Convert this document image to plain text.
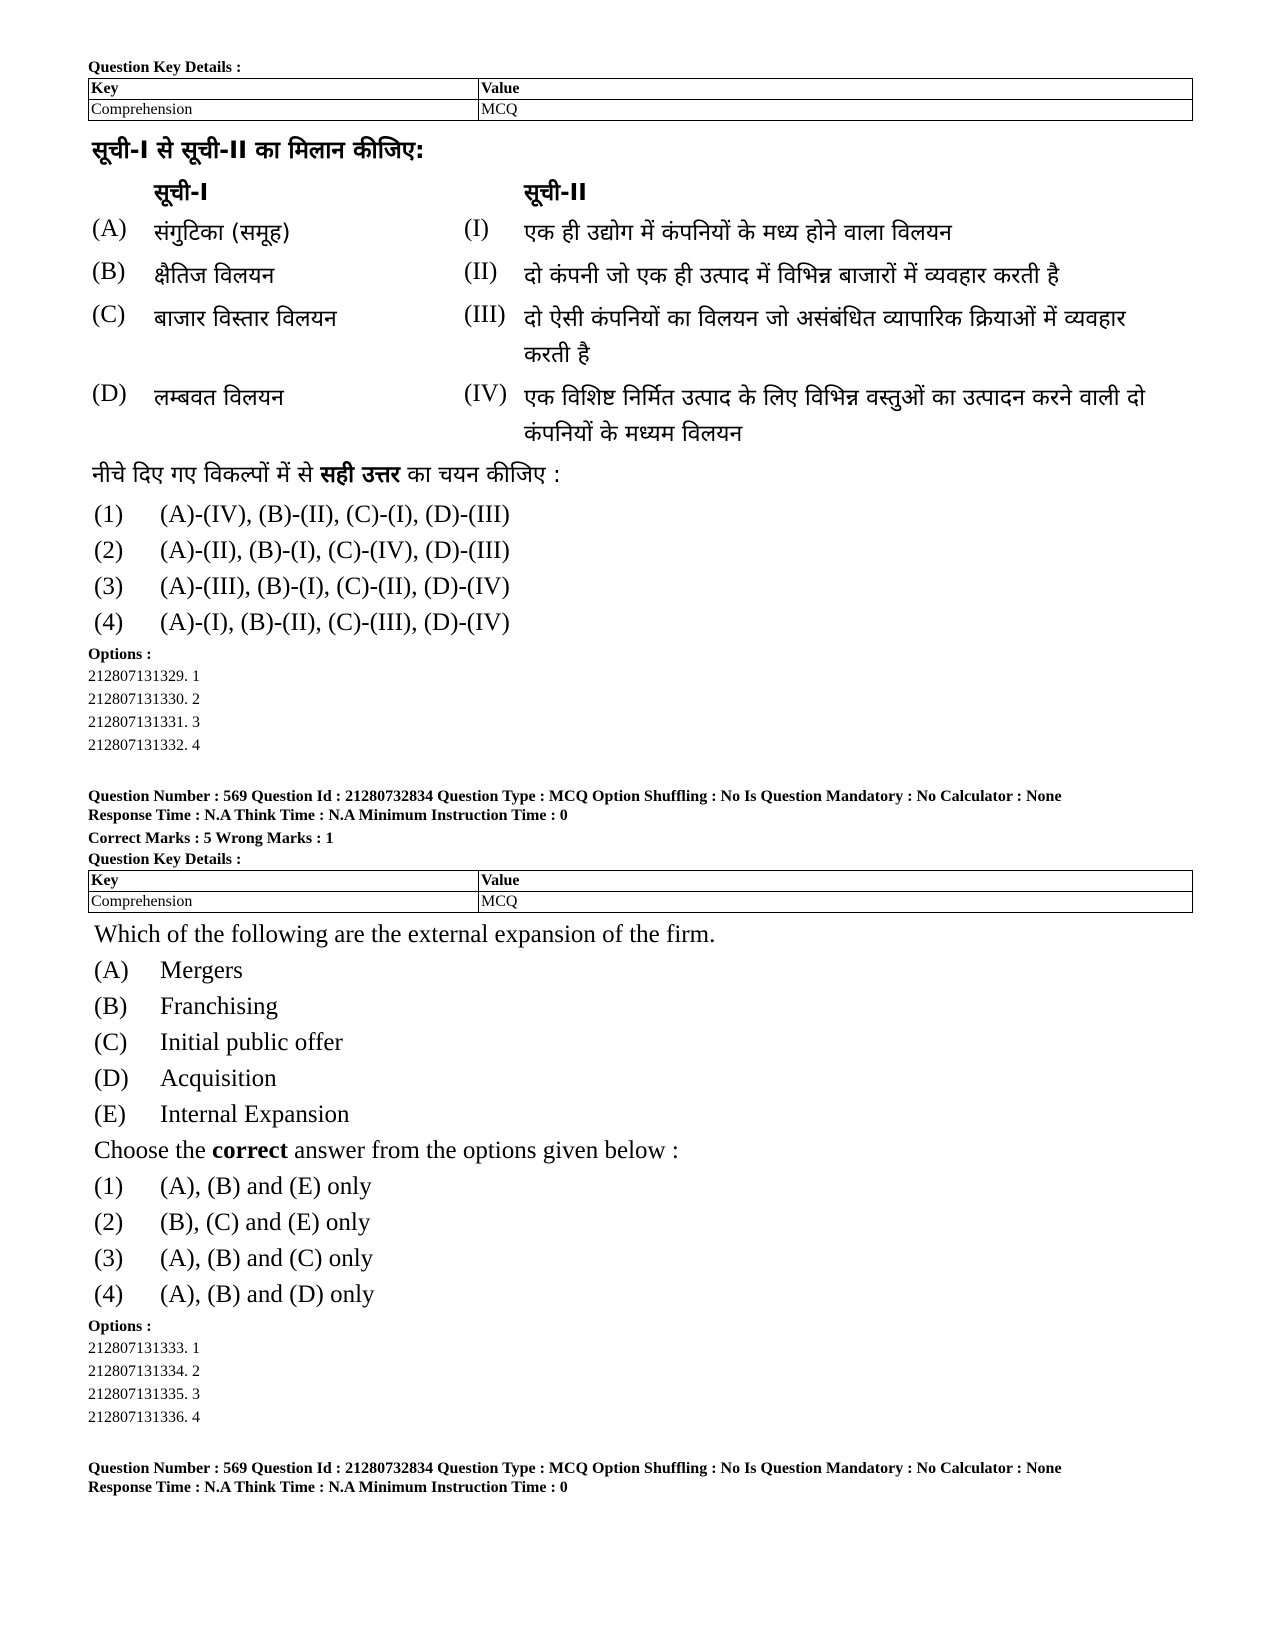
Question Key Details :
Key	Value
Comprehension	MCQ
सूची-I से सूची-II का मिलान कीजिए:
सूची-I	सूची-II
(A) संगुटिका (समूह)	(I) एक ही उद्योग में कंपनियों के मध्य होने वाला विलयन
(B) क्षैतिज विलयन	(II) दो कंपनी जो एक ही उत्पाद में विभिन्न बाजारों में व्यवहार करती है
(C) बाजार विस्तार विलयन	(III) दो ऐसी कंपनियों का विलयन जो असंबंधित व्यापारिक क्रियाओं में व्यवहार करती है
(D) लम्बवत विलयन	(IV) एक विशिष्ट निर्मित उत्पाद के लिए विभिन्न वस्तुओं का उत्पादन करने वाली दो कंपनियों के मध्यम विलयन
नीचे दिए गए विकल्पों में से सही उत्तर का चयन कीजिए :
(1)	(A)-(IV), (B)-(II), (C)-(I), (D)-(III)
(2)	(A)-(II), (B)-(I), (C)-(IV), (D)-(III)
(3)	(A)-(III), (B)-(I), (C)-(II), (D)-(IV)
(4)	(A)-(I), (B)-(II), (C)-(III), (D)-(IV)
Options :
212807131329. 1
212807131330. 2
212807131331. 3
212807131332. 4
Question Number : 569 Question Id : 21280732834 Question Type : MCQ Option Shuffling : No Is Question Mandatory : No Calculator : None
Response Time : N.A Think Time : N.A Minimum Instruction Time : 0
Correct Marks : 5 Wrong Marks : 1
Question Key Details :
Key	Value
Comprehension	MCQ
Which of the following are the external expansion of the firm.
(A)	Mergers
(B)	Franchising
(C)	Initial public offer
(D)	Acquisition
(E)	Internal Expansion
Choose the correct answer from the options given below :
(1)	(A), (B) and (E) only
(2)	(B), (C) and (E) only
(3)	(A), (B) and (C) only
(4)	(A), (B) and (D) only
Options :
212807131333. 1
212807131334. 2
212807131335. 3
212807131336. 4
Question Number : 569 Question Id : 21280732834 Question Type : MCQ Option Shuffling : No Is Question Mandatory : No Calculator : None
Response Time : N.A Think Time : N.A Minimum Instruction Time : 0
